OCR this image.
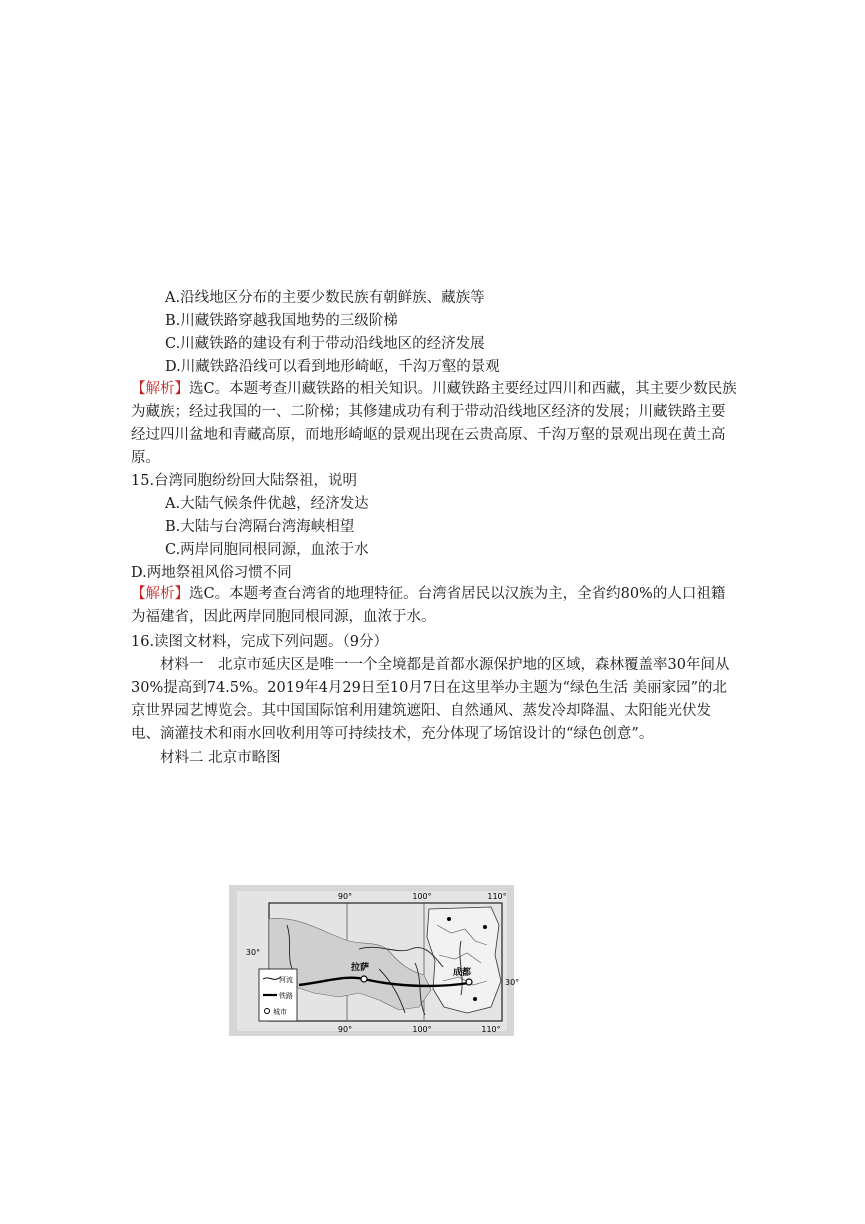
A.沿线地区分布的主要少数民族有朝鲜族、藏族等
B.川藏铁路穿越我国地势的三级阶梯
C.川藏铁路的建设有利于带动沿线地区的经济发展
D.川藏铁路沿线可以看到地形崎岖，千沟万壑的景观
【解析】选C。本题考查川藏铁路的相关知识。川藏铁路主要经过四川和西藏，其主要少数民族为藏族；经过我国的一、二阶梯；其修建成功有利于带动沿线地区经济的发展；川藏铁路主要经过四川盆地和青藏高原，而地形崎岖的景观出现在云贵高原、千沟万壑的景观出现在黄土高原。
15.台湾同胞纷纷回大陆祭祖，说明
A.大陆气候条件优越，经济发达
B.大陆与台湾隔台湾海峡相望
C.两岸同胞同根同源，血浓于水
D.两地祭祖风俗习惯不同
【解析】选C。本题考查台湾省的地理特征。台湾省居民以汉族为主，全省约80%的人口祖籍为福建省，因此两岸同胞同根同源，血浓于水。
16.读图文材料，完成下列问题。（9分）
材料一　北京市延庆区是唯一一个全境都是首都水源保护地的区域，森林覆盖率30年间从30%提高到74.5%。2019年4月29日至10月7日在这里举办主题为“绿色生活 美丽家园”的北京世界园艺博览会。其中国国际馆利用建筑遮阳、自然通风、蒸发冷却降温、太阳能光伏发电、滴灌技术和雨水回收利用等可持续技术，充分体现了场馆设计的“绿色创意”。
材料二 北京市略图
90°	100°	110°
90°	100°	110°
30°
30°
拉萨	成都
河流
铁路
城市
